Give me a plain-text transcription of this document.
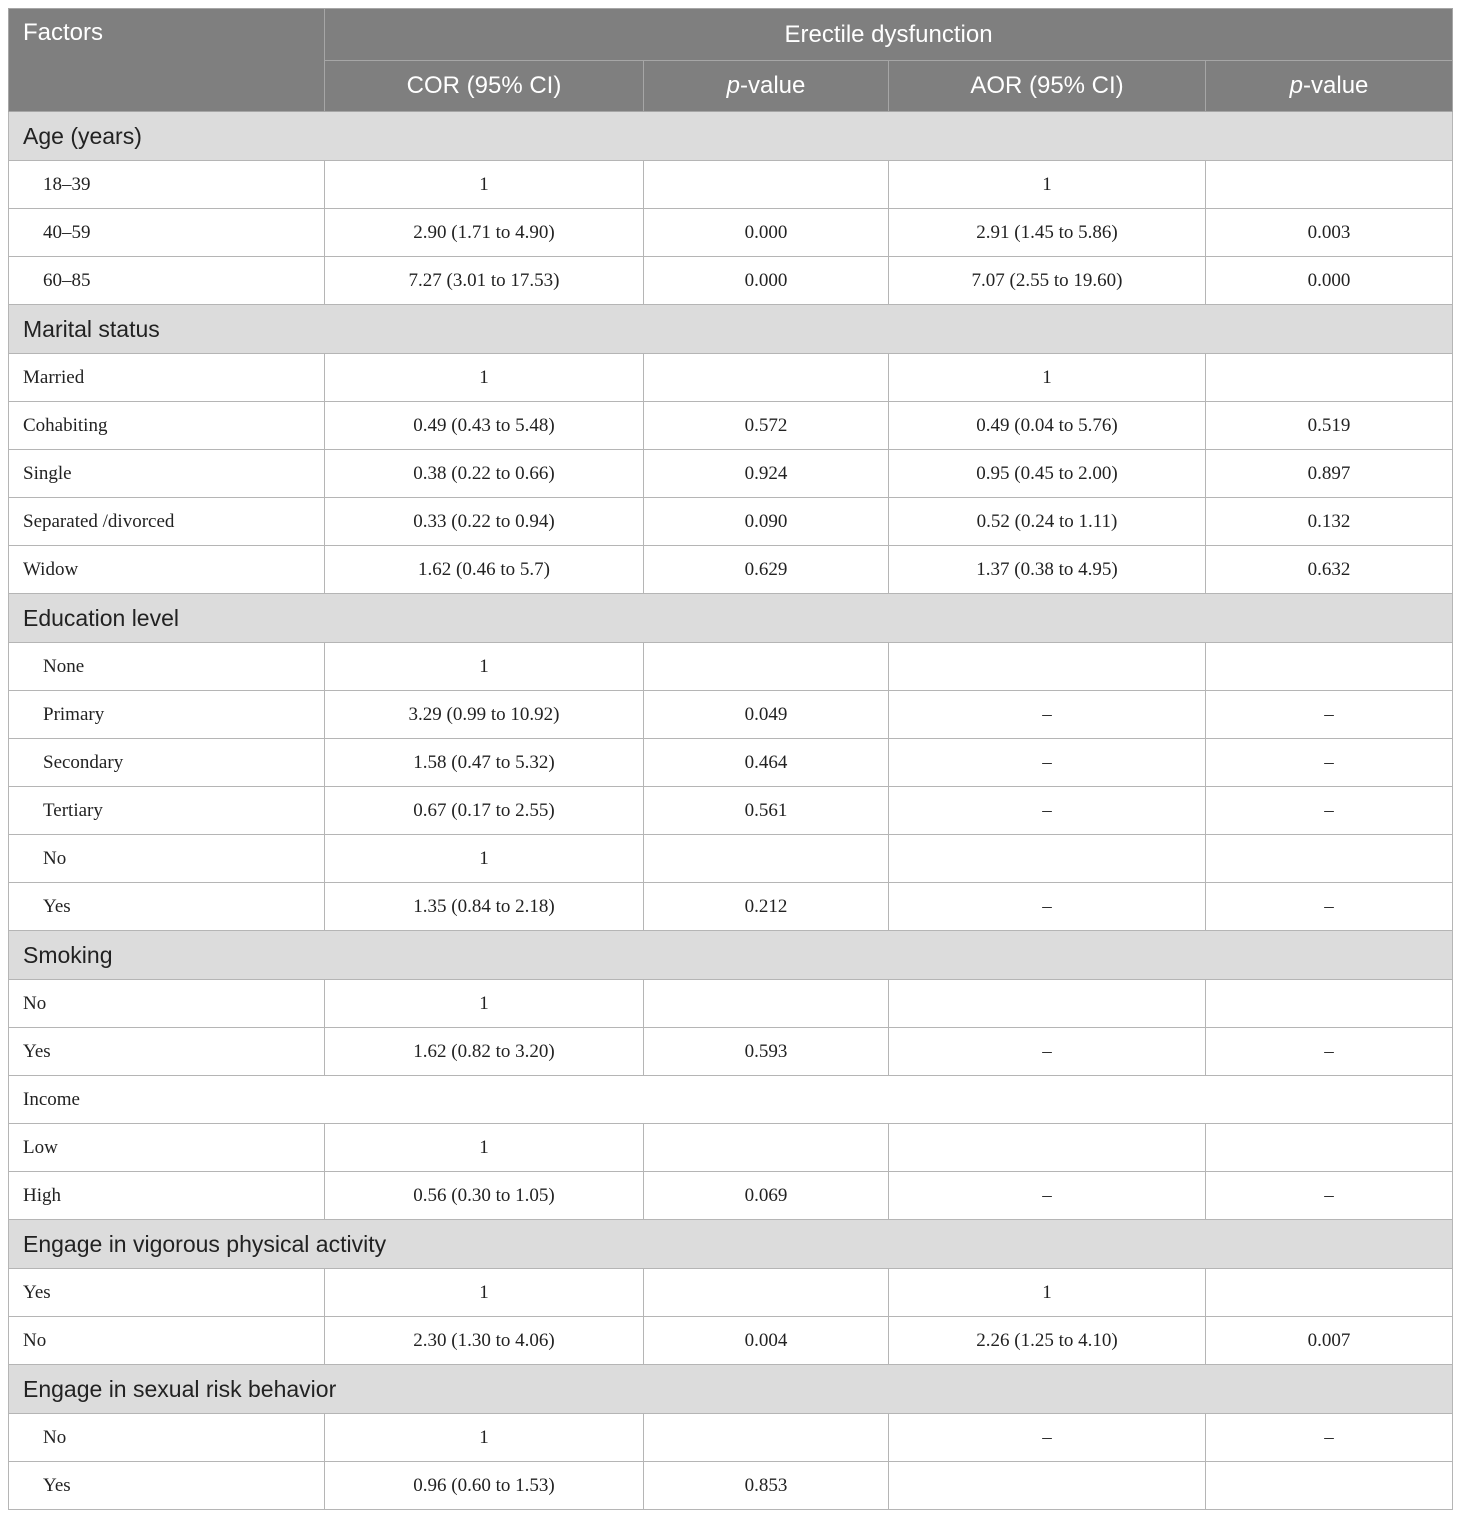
Factors	Erectile dysfunction			
	COR (95% CI)	p-value	AOR (95% CI)	p-value
Age (years)				
18–39	1		1	
40–59	2.90 (1.71 to 4.90)	0.000	2.91 (1.45 to 5.86)	0.003
60–85	7.27 (3.01 to 17.53)	0.000	7.07 (2.55 to 19.60)	0.000
Marital status				
Married	1		1	
Cohabiting	0.49 (0.43 to 5.48)	0.572	0.49 (0.04 to 5.76)	0.519
Single	0.38 (0.22 to 0.66)	0.924	0.95 (0.45 to 2.00)	0.897
Separated /divorced	0.33 (0.22 to 0.94)	0.090	0.52 (0.24 to 1.11)	0.132
Widow	1.62 (0.46 to 5.7)	0.629	1.37 (0.38 to 4.95)	0.632
Education level				
None	1			
Primary	3.29 (0.99 to 10.92)	0.049	–	–
Secondary	1.58 (0.47 to 5.32)	0.464	–	–
Tertiary	0.67 (0.17 to 2.55)	0.561	–	–
No	1			
Yes	1.35 (0.84 to 2.18)	0.212	–	–
Smoking				
No	1			
Yes	1.62 (0.82 to 3.20)	0.593	–	–
Income				
Low	1			
High	0.56 (0.30 to 1.05)	0.069	–	–
Engage in vigorous physical activity				
Yes	1		1	
No	2.30 (1.30 to 4.06)	0.004	2.26 (1.25 to 4.10)	0.007
Engage in sexual risk behavior				
No	1		–	–
Yes	0.96 (0.60 to 1.53)	0.853		
